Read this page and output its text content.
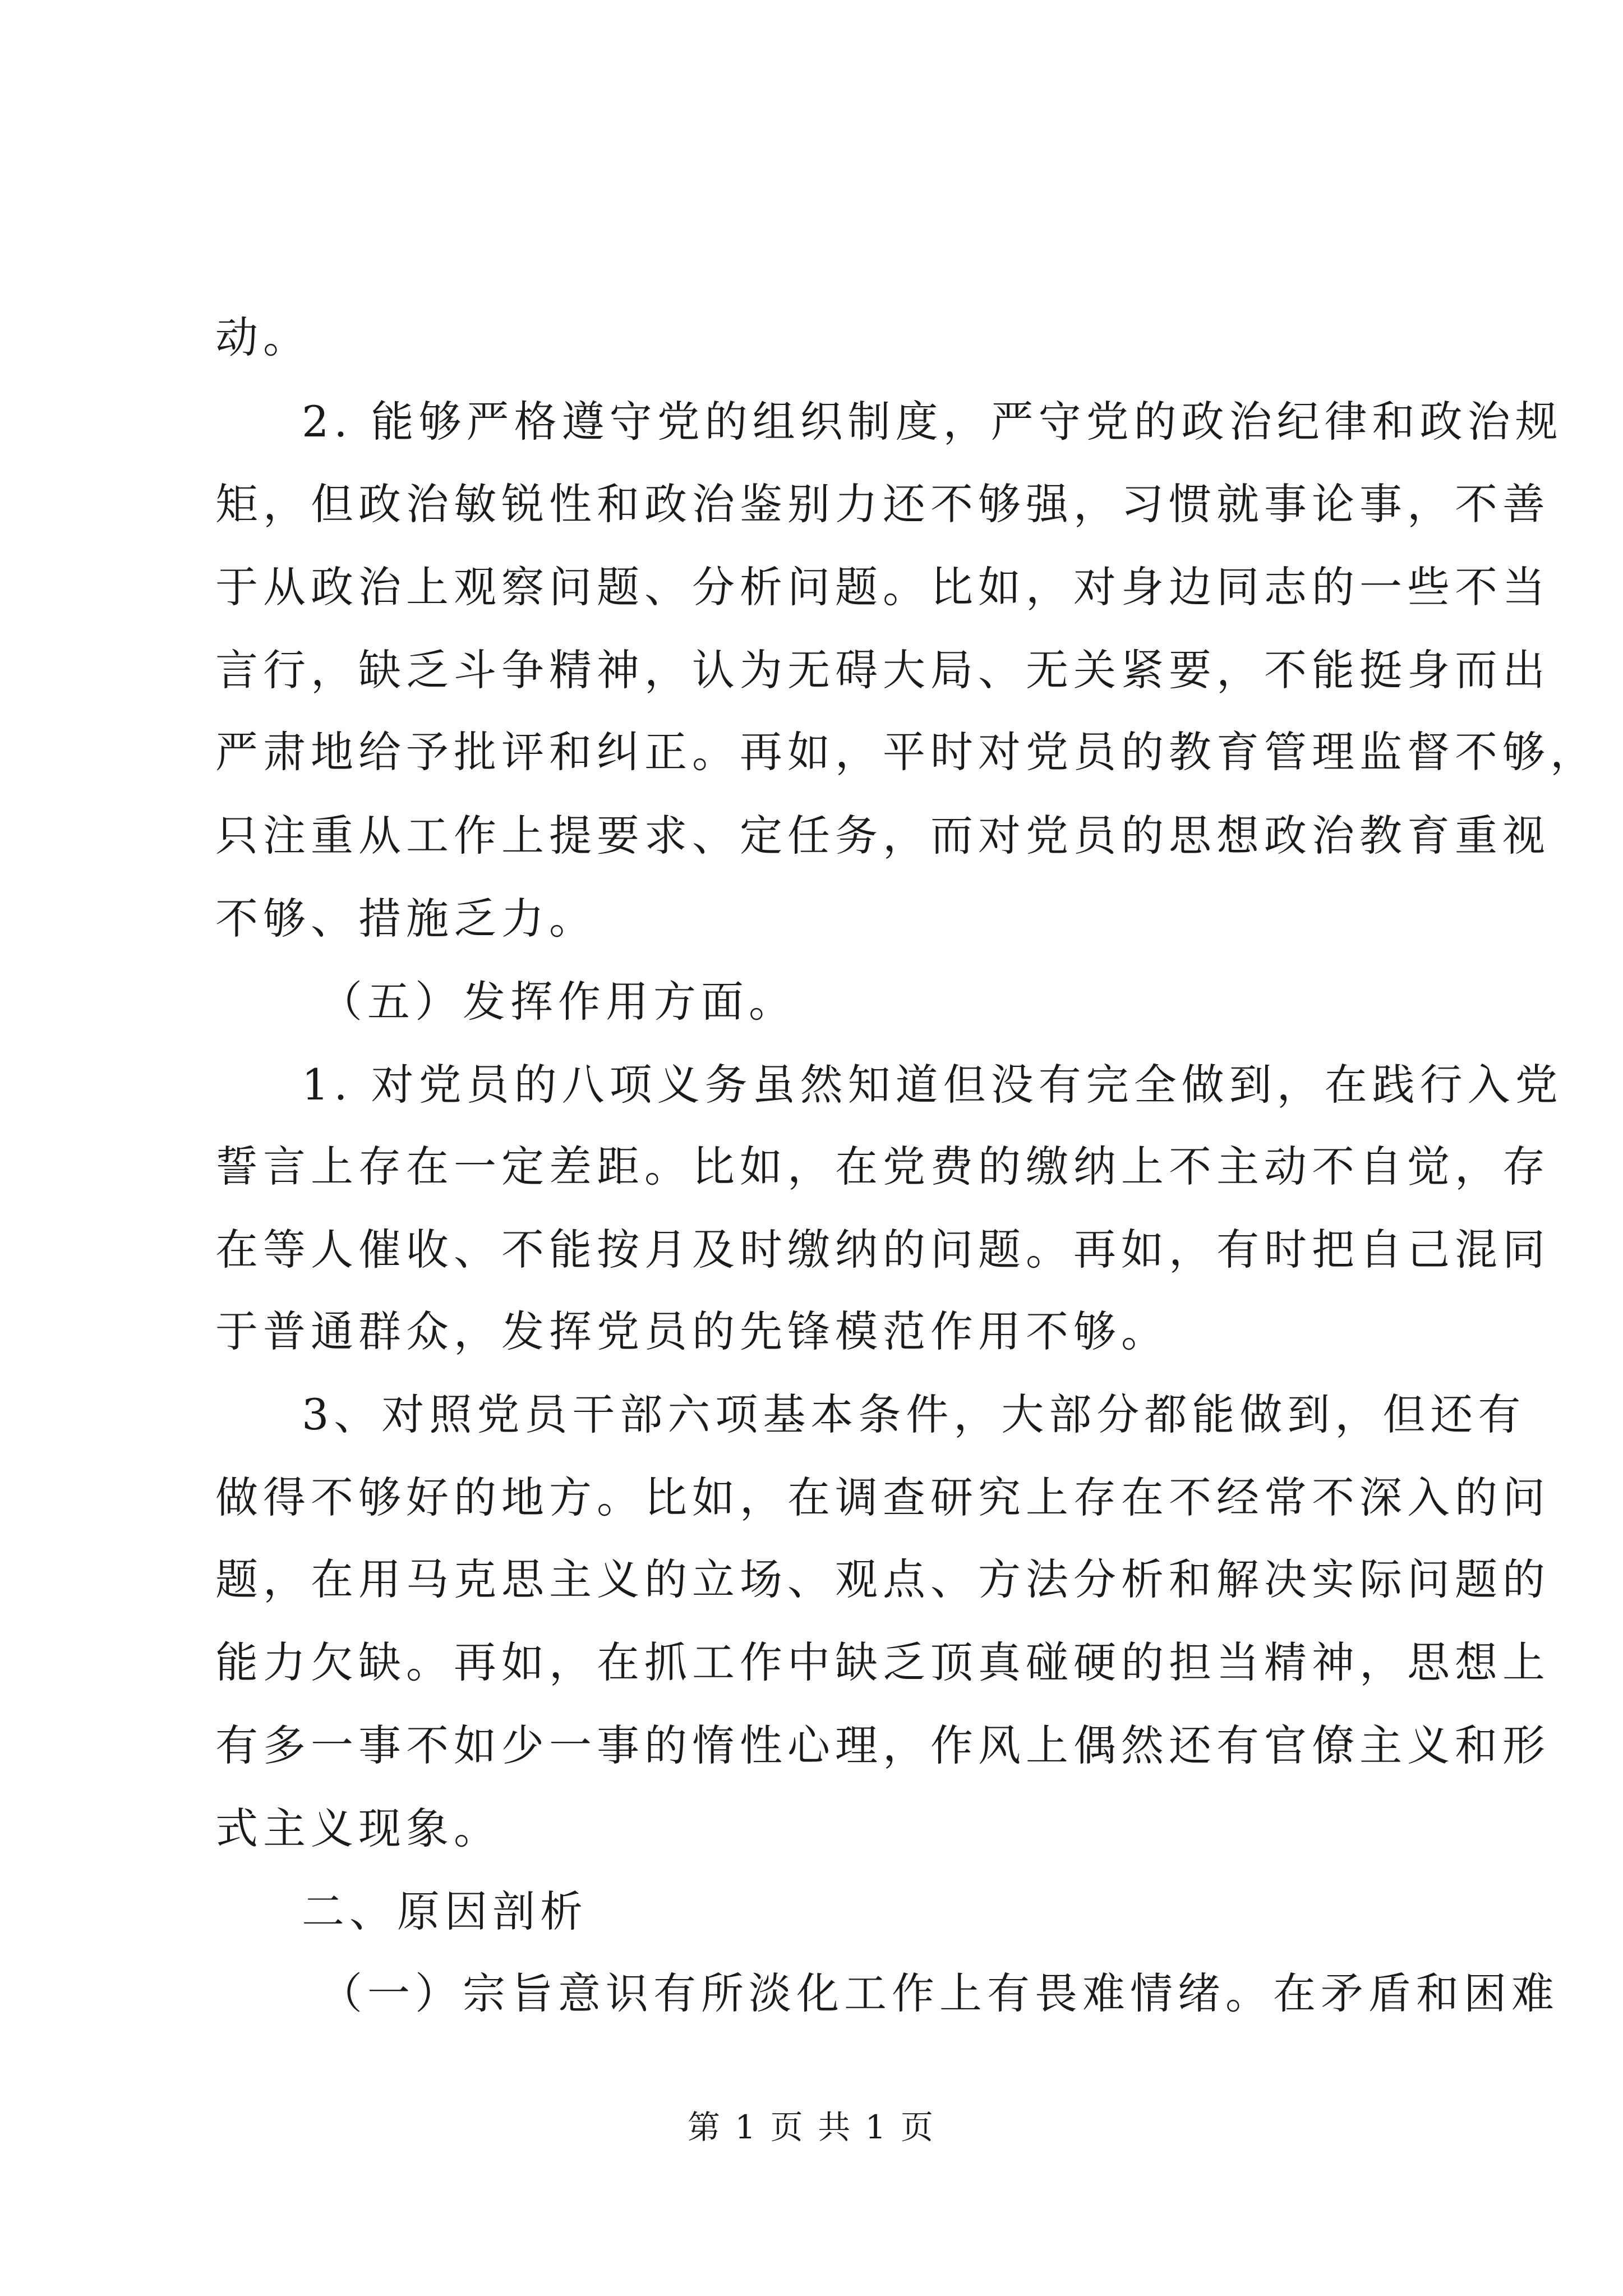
动。
2. 能够严格遵守党的组织制度，严守党的政治纪律和政治规
矩，但政治敏锐性和政治鉴别力还不够强，习惯就事论事，不善
于从政治上观察问题、分析问题。比如，对身边同志的一些不当
言行，缺乏斗争精神，认为无碍大局、无关紧要，不能挺身而出
严肃地给予批评和纠正。再如，平时对党员的教育管理监督不够，
只注重从工作上提要求、定任务，而对党员的思想政治教育重视
不够、措施乏力。
（五）发挥作用方面。
1. 对党员的八项义务虽然知道但没有完全做到，在践行入党
誓言上存在一定差距。比如，在党费的缴纳上不主动不自觉，存
在等人催收、不能按月及时缴纳的问题。再如，有时把自己混同
于普通群众，发挥党员的先锋模范作用不够。
3、对照党员干部六项基本条件，大部分都能做到，但还有
做得不够好的地方。比如，在调查研究上存在不经常不深入的问
题，在用马克思主义的立场、观点、方法分析和解决实际问题的
能力欠缺。再如，在抓工作中缺乏顶真碰硬的担当精神，思想上
有多一事不如少一事的惰性心理，作风上偶然还有官僚主义和形
式主义现象。
二、原因剖析
（一）宗旨意识有所淡化工作上有畏难情绪。在矛盾和困难
第 1 页 共 1 页
